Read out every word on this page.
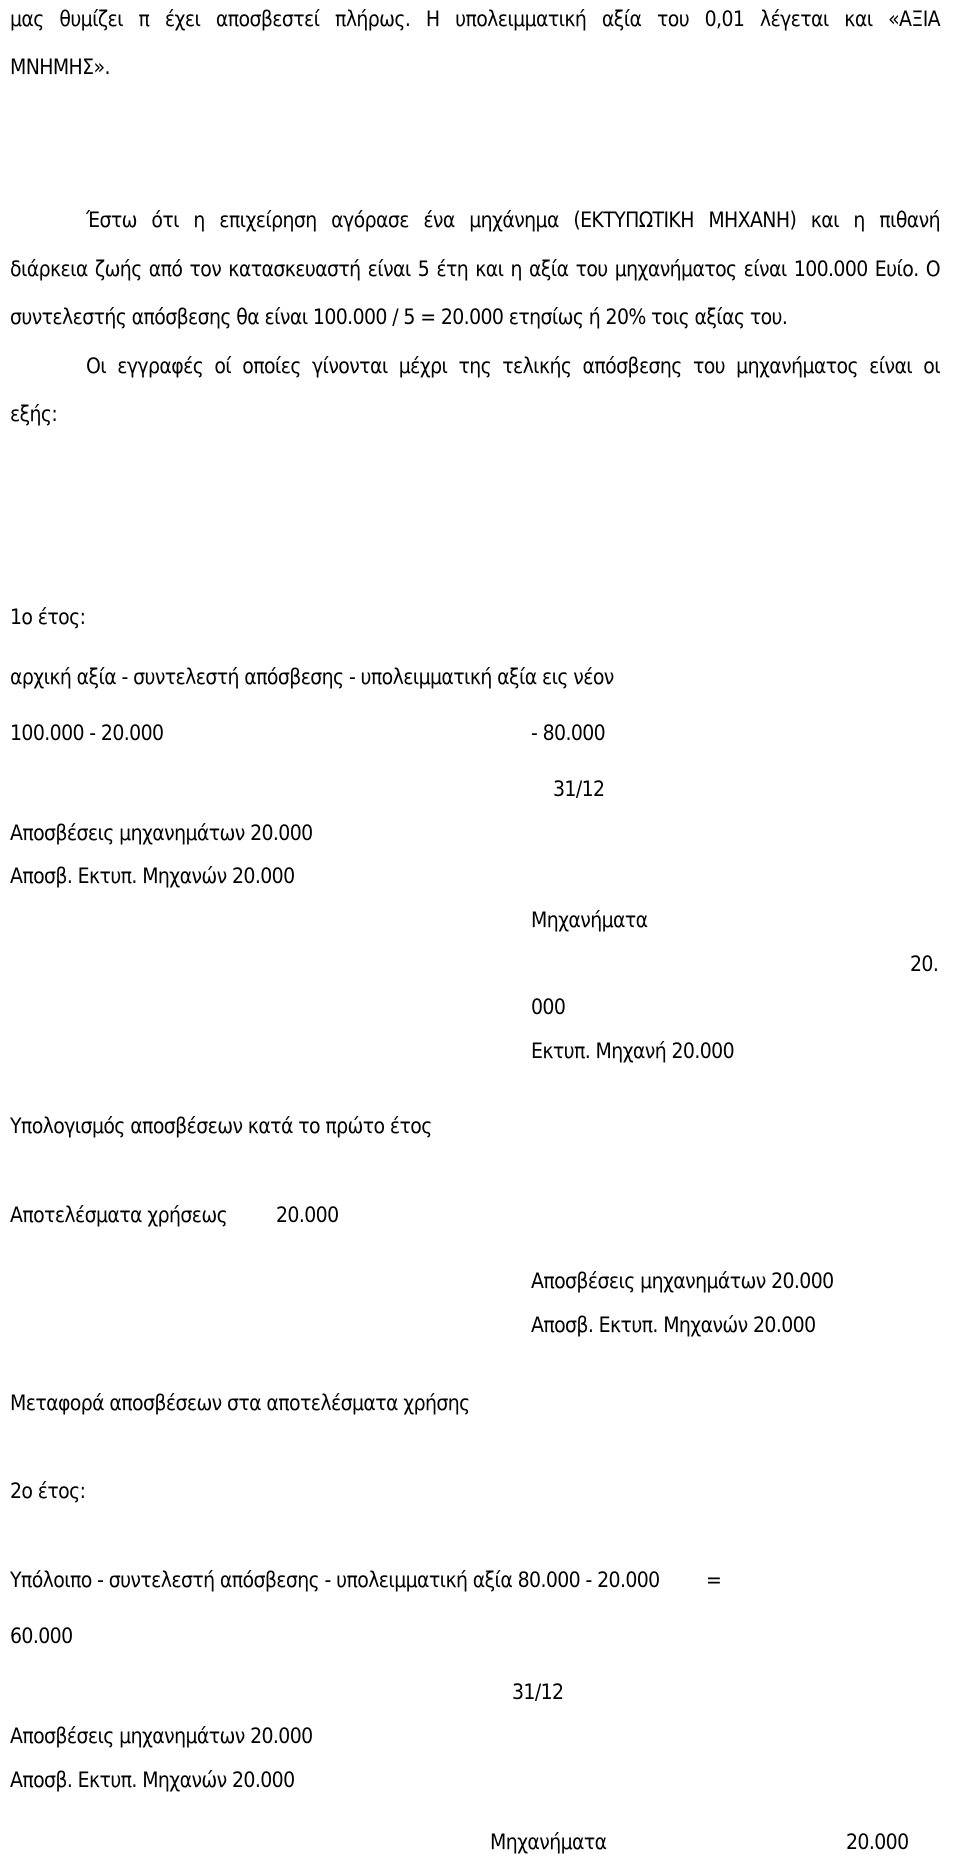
μας θυμίζει π έχει αποσβεστεί πλήρως. Η υπολειμματική αξία του 0,01 λέγεται και «ΑΞΙΑ
ΜΝΗΜΗΣ».
Έστω ότι η επιχείρηση αγόρασε ένα μηχάνημα (ΕΚΤΥΠΩΤΙΚΗ ΜΗΧΑΝΗ) και η πιθανή
διάρκεια ζωής από τον κατασκευαστή είναι 5 έτη και η αξία του μηχανήματος είναι 100.000 Ευίο. Ο
συντελεστής απόσβεσης θα είναι 100.000 / 5 = 20.000 ετησίως ή 20% τοις αξίας του.
Οι εγγραφές οί οποίες γίνονται μέχρι της τελικής απόσβεσης του μηχανήματος είναι οι
εξής:
1ο έτος:
αρχική αξία - συντελεστή απόσβεσης - υπολειμματική αξία εις νέον
100.000 - 20.000	- 80.000
31/12
Αποσβέσεις μηχανημάτων 20.000
Αποσβ. Εκτυπ. Μηχανών 20.000
Μηχανήματα
20.
000
Εκτυπ. Μηχανή 20.000
Υπολογισμός αποσβέσεων κατά το πρώτο έτος
Αποτελέσματα χρήσεως 20.000
Αποσβέσεις μηχανημάτων 20.000
Αποσβ. Εκτυπ. Μηχανών 20.000
Μεταφορά αποσβέσεων στα αποτελέσματα χρήσης
2ο έτος:
Υπόλοιπο - συντελεστή απόσβεσης - υπολειμματική αξία 80.000 - 20.000 =
60.000
31/12
Αποσβέσεις μηχανημάτων 20.000
Αποσβ. Εκτυπ. Μηχανών 20.000
Μηχανήματα	20.000
